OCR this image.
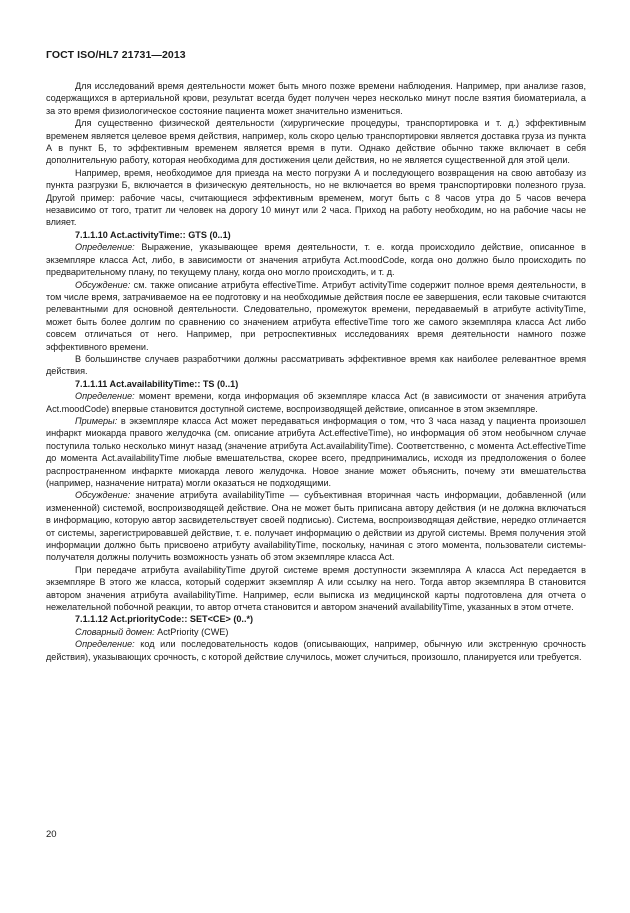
ГОСТ ISO/HL7 21731—2013

Для исследований время деятельности может быть много позже времени наблюдения. Например, при анализе газов, содержащихся в артериальной крови, результат всегда будет получен через несколько минут после взятия биоматериала, а за это время физиологическое состояние пациента может значительно измениться.

Для существенно физической деятельности (хирургические процедуры, транспортировка и т. д.) эффективным временем является целевое время действия, например, коль скоро целью транспортировки является доставка груза из пункта А в пункт Б, то эффективным временем является время в пути. Однако действие обычно также включает в себя дополнительную работу, которая необходима для достижения цели действия, но не является существенной для этой цели.

Например, время, необходимое для приезда на место погрузки А и последующего возвращения на свою автобазу из пункта разгрузки Б, включается в физическую деятельность, но не включается во время транспортировки полезного груза. Другой пример: рабочие часы, считающиеся эффективным временем, могут быть с 8 часов утра до 5 часов вечера независимо от того, тратит ли человек на дорогу 10 минут или 2 часа. Приход на работу необходим, но на рабочие часы не влияет.

7.1.1.10 Act.activityTime:: GTS (0..1)

Определение: Выражение, указывающее время деятельности, т. е. когда происходило действие, описанное в экземпляре класса Act, либо, в зависимости от значения атрибута Act.moodCode, когда оно должно было происходить по предварительному плану, по текущему плану, когда оно могло происходить, и т. д.

Обсуждение: см. также описание атрибута effectiveTime. Атрибут activityTime содержит полное время деятельности, в том числе время, затрачиваемое на ее подготовку и на необходимые действия после ее завершения, если таковые считаются релевантными для основной деятельности. Следовательно, промежуток времени, передаваемый в атрибуте activityTime, может быть более долгим по сравнению со значением атрибута effectiveTime того же самого экземпляра класса Act либо совсем отличаться от него. Например, при ретроспективных исследованиях время деятельности намного позже эффективного времени.

В большинстве случаев разработчики должны рассматривать эффективное время как наиболее релевантное время действия.

7.1.1.11 Act.availabilityTime:: TS (0..1)

Определение: момент времени, когда информация об экземпляре класса Act (в зависимости от значения атрибута Act.moodCode) впервые становится доступной системе, воспроизводящей действие, описанное в этом экземпляре.

Примеры: в экземпляре класса Act может передаваться информация о том, что 3 часа назад у пациента произошел инфаркт миокарда правого желудочка (см. описание атрибута Act.effectiveTime), но информация об этом необычном случае поступила только несколько минут назад (значение атрибута Act.availabilityTime). Соответственно, с момента Act.effectiveTime до момента Act.availabilityTime любые вмешательства, скорее всего, предпринимались, исходя из предположения о более распространенном инфаркте миокарда левого желудочка. Новое знание может объяснить, почему эти вмешательства (например, назначение нитрата) могли оказаться не подходящими.

Обсуждение: значение атрибута availabilityTime — субъективная вторичная часть информации, добавленной (или измененной) системой, воспроизводящей действие. Она не может быть приписана автору действия (и не должна включаться в информацию, которую автор засвидетельствует своей подписью). Система, воспроизводящая действие, нередко отличается от системы, зарегистрировавшей действие, т. е. получает информацию о действии из другой системы. Время получения этой информации должно быть присвоено атрибуту availabilityTime, поскольку, начиная с этого момента, пользователи системы-получателя должны получить возможность узнать об этом экземпляре класса Act.

При передаче атрибута availabilityTime другой системе время доступности экземпляра А класса Act передается в экземпляре В этого же класса, который содержит экземпляр А или ссылку на него. Тогда автор экземпляра В становится автором значения атрибута availabilityTime. Например, если выписка из медицинской карты подготовлена для отчета о нежелательной побочной реакции, то автор отчета становится и автором значений availabilityTime, указанных в этом отчете.

7.1.1.12 Act.priorityCode:: SET<CE> (0..*)

Словарный домен: ActPriority (CWE)

Определение: код или последовательность кодов (описывающих, например, обычную или экстренную срочность действия), указывающих срочность, с которой действие случилось, может случиться, произошло, планируется или требуется.

20
